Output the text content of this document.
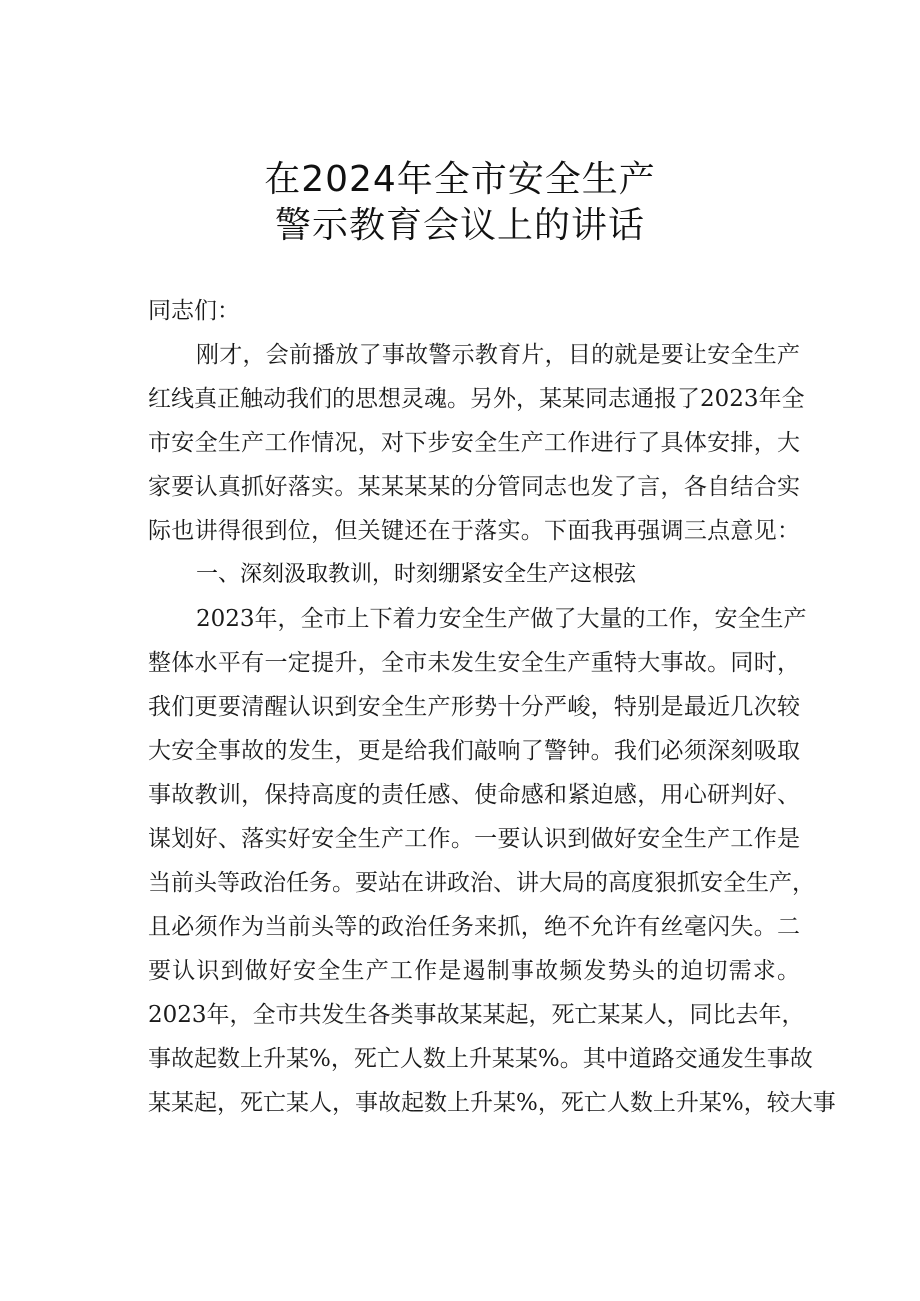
在2024年全市安全生产
警示教育会议上的讲话
同志们：
刚才，会前播放了事故警示教育片，目的就是要让安全生产
红线真正触动我们的思想灵魂。另外，某某同志通报了2023年全
市安全生产工作情况，对下步安全生产工作进行了具体安排，大
家要认真抓好落实。某某某某的分管同志也发了言，各自结合实
际也讲得很到位，但关键还在于落实。下面我再强调三点意见：
一、深刻汲取教训，时刻绷紧安全生产这根弦
2023年，全市上下着力安全生产做了大量的工作，安全生产
整体水平有一定提升，全市未发生安全生产重特大事故。同时，
我们更要清醒认识到安全生产形势十分严峻，特别是最近几次较
大安全事故的发生，更是给我们敲响了警钟。我们必须深刻吸取
事故教训，保持高度的责任感、使命感和紧迫感，用心研判好、
谋划好、落实好安全生产工作。一要认识到做好安全生产工作是
当前头等政治任务。要站在讲政治、讲大局的高度狠抓安全生产，
且必须作为当前头等的政治任务来抓，绝不允许有丝毫闪失。二
要认识到做好安全生产工作是遏制事故频发势头的迫切需求。
2023年，全市共发生各类事故某某起，死亡某某人，同比去年，
事故起数上升某%，死亡人数上升某某%。其中道路交通发生事故
某某起，死亡某人，事故起数上升某%，死亡人数上升某%，较大事
